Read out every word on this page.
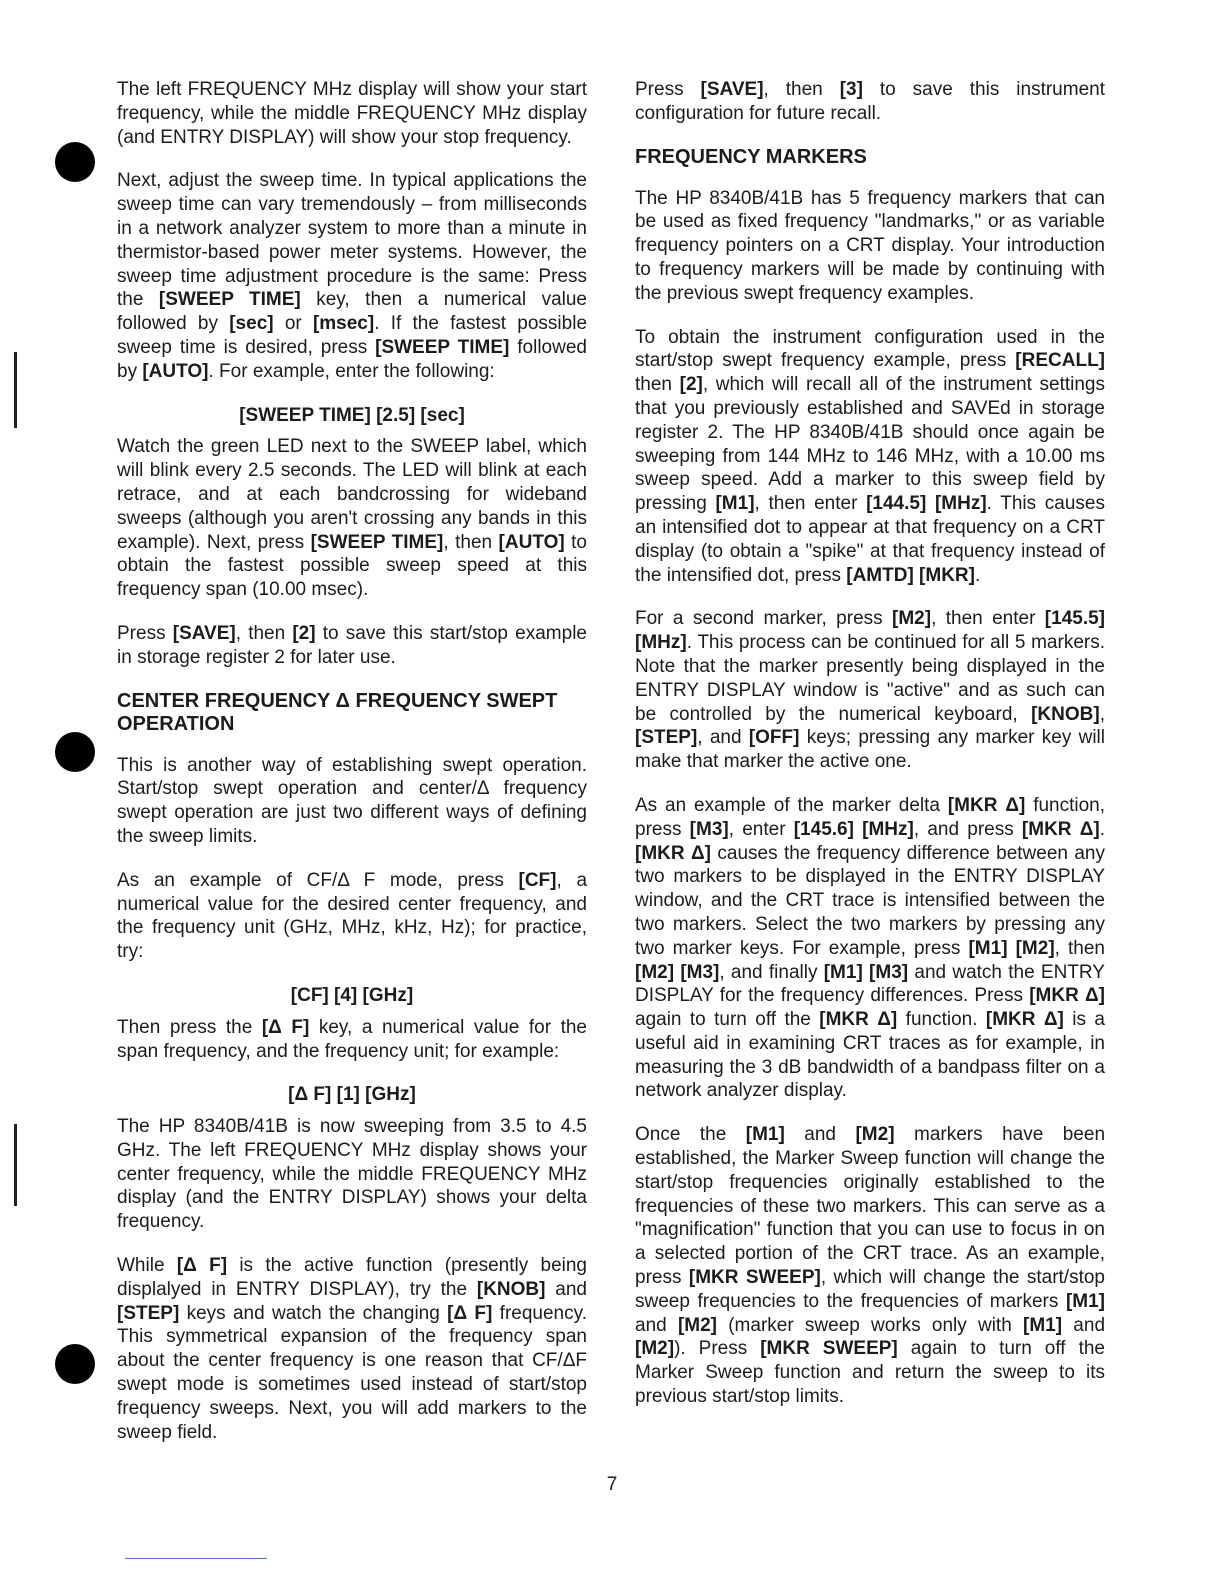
The left FREQUENCY MHz display will show your start frequency, while the middle FREQUENCY MHz display (and ENTRY DISPLAY) will show your stop frequency.

Next, adjust the sweep time. In typical applications the sweep time can vary tremendously – from milliseconds in a network analyzer system to more than a minute in thermistor-based power meter systems. However, the sweep time adjustment procedure is the same: Press the [SWEEP TIME] key, then a numerical value followed by [sec] or [msec]. If the fastest possible sweep time is desired, press [SWEEP TIME] followed by [AUTO]. For example, enter the following:

[SWEEP TIME] [2.5] [sec]

Watch the green LED next to the SWEEP label, which will blink every 2.5 seconds. The LED will blink at each retrace, and at each bandcrossing for wideband sweeps (although you aren't crossing any bands in this example). Next, press [SWEEP TIME], then [AUTO] to obtain the fastest possible sweep speed at this frequency span (10.00 msec).

Press [SAVE], then [2] to save this start/stop example in storage register 2 for later use.

CENTER FREQUENCY Δ FREQUENCY SWEPT OPERATION

This is another way of establishing swept operation. Start/stop swept operation and center/Δ frequency swept operation are just two different ways of defining the sweep limits.

As an example of CF/Δ F mode, press [CF], a numerical value for the desired center frequency, and the frequency unit (GHz, MHz, kHz, Hz); for practice, try:

[CF] [4] [GHz]

Then press the [Δ F] key, a numerical value for the span frequency, and the frequency unit; for example:

[Δ F] [1] [GHz]

The HP 8340B/41B is now sweeping from 3.5 to 4.5 GHz. The left FREQUENCY MHz display shows your center frequency, while the middle FREQUENCY MHz display (and the ENTRY DISPLAY) shows your delta frequency.

While [Δ F] is the active function (presently being displalyed in ENTRY DISPLAY), try the [KNOB] and [STEP] keys and watch the changing [Δ F] frequency. This symmetrical expansion of the frequency span about the center frequency is one reason that CF/ΔF swept mode is sometimes used instead of start/stop frequency sweeps. Next, you will add markers to the sweep field.

Press [SAVE], then [3] to save this instrument configuration for future recall.

FREQUENCY MARKERS

The HP 8340B/41B has 5 frequency markers that can be used as fixed frequency "landmarks," or as variable frequency pointers on a CRT display. Your introduction to frequency markers will be made by continuing with the previous swept frequency examples.

To obtain the instrument configuration used in the start/stop swept frequency example, press [RECALL] then [2], which will recall all of the instrument settings that you previously established and SAVEd in storage register 2. The HP 8340B/41B should once again be sweeping from 144 MHz to 146 MHz, with a 10.00 ms sweep speed. Add a marker to this sweep field by pressing [M1], then enter [144.5] [MHz]. This causes an intensified dot to appear at that frequency on a CRT display (to obtain a "spike" at that frequency instead of the intensified dot, press [AMTD] [MKR].

For a second marker, press [M2], then enter [145.5] [MHz]. This process can be continued for all 5 markers. Note that the marker presently being displayed in the ENTRY DISPLAY window is "active" and as such can be controlled by the numerical keyboard, [KNOB], [STEP], and [OFF] keys; pressing any marker key will make that marker the active one.

As an example of the marker delta [MKR Δ] function, press [M3], enter [145.6] [MHz], and press [MKR Δ]. [MKR Δ] causes the frequency difference between any two markers to be displayed in the ENTRY DISPLAY window, and the CRT trace is intensified between the two markers. Select the two markers by pressing any two marker keys. For example, press [M1] [M2], then [M2] [M3], and finally [M1] [M3] and watch the ENTRY DISPLAY for the frequency differences. Press [MKR Δ] again to turn off the [MKR Δ] function. [MKR Δ] is a useful aid in examining CRT traces as for example, in measuring the 3 dB bandwidth of a bandpass filter on a network analyzer display.

Once the [M1] and [M2] markers have been established, the Marker Sweep function will change the start/stop frequencies originally established to the frequencies of these two markers. This can serve as a "magnification" function that you can use to focus in on a selected portion of the CRT trace. As an example, press [MKR SWEEP], which will change the start/stop sweep frequencies to the frequencies of markers [M1] and [M2] (marker sweep works only with [M1] and [M2]). Press [MKR SWEEP] again to turn off the Marker Sweep function and return the sweep to its previous start/stop limits.

7
